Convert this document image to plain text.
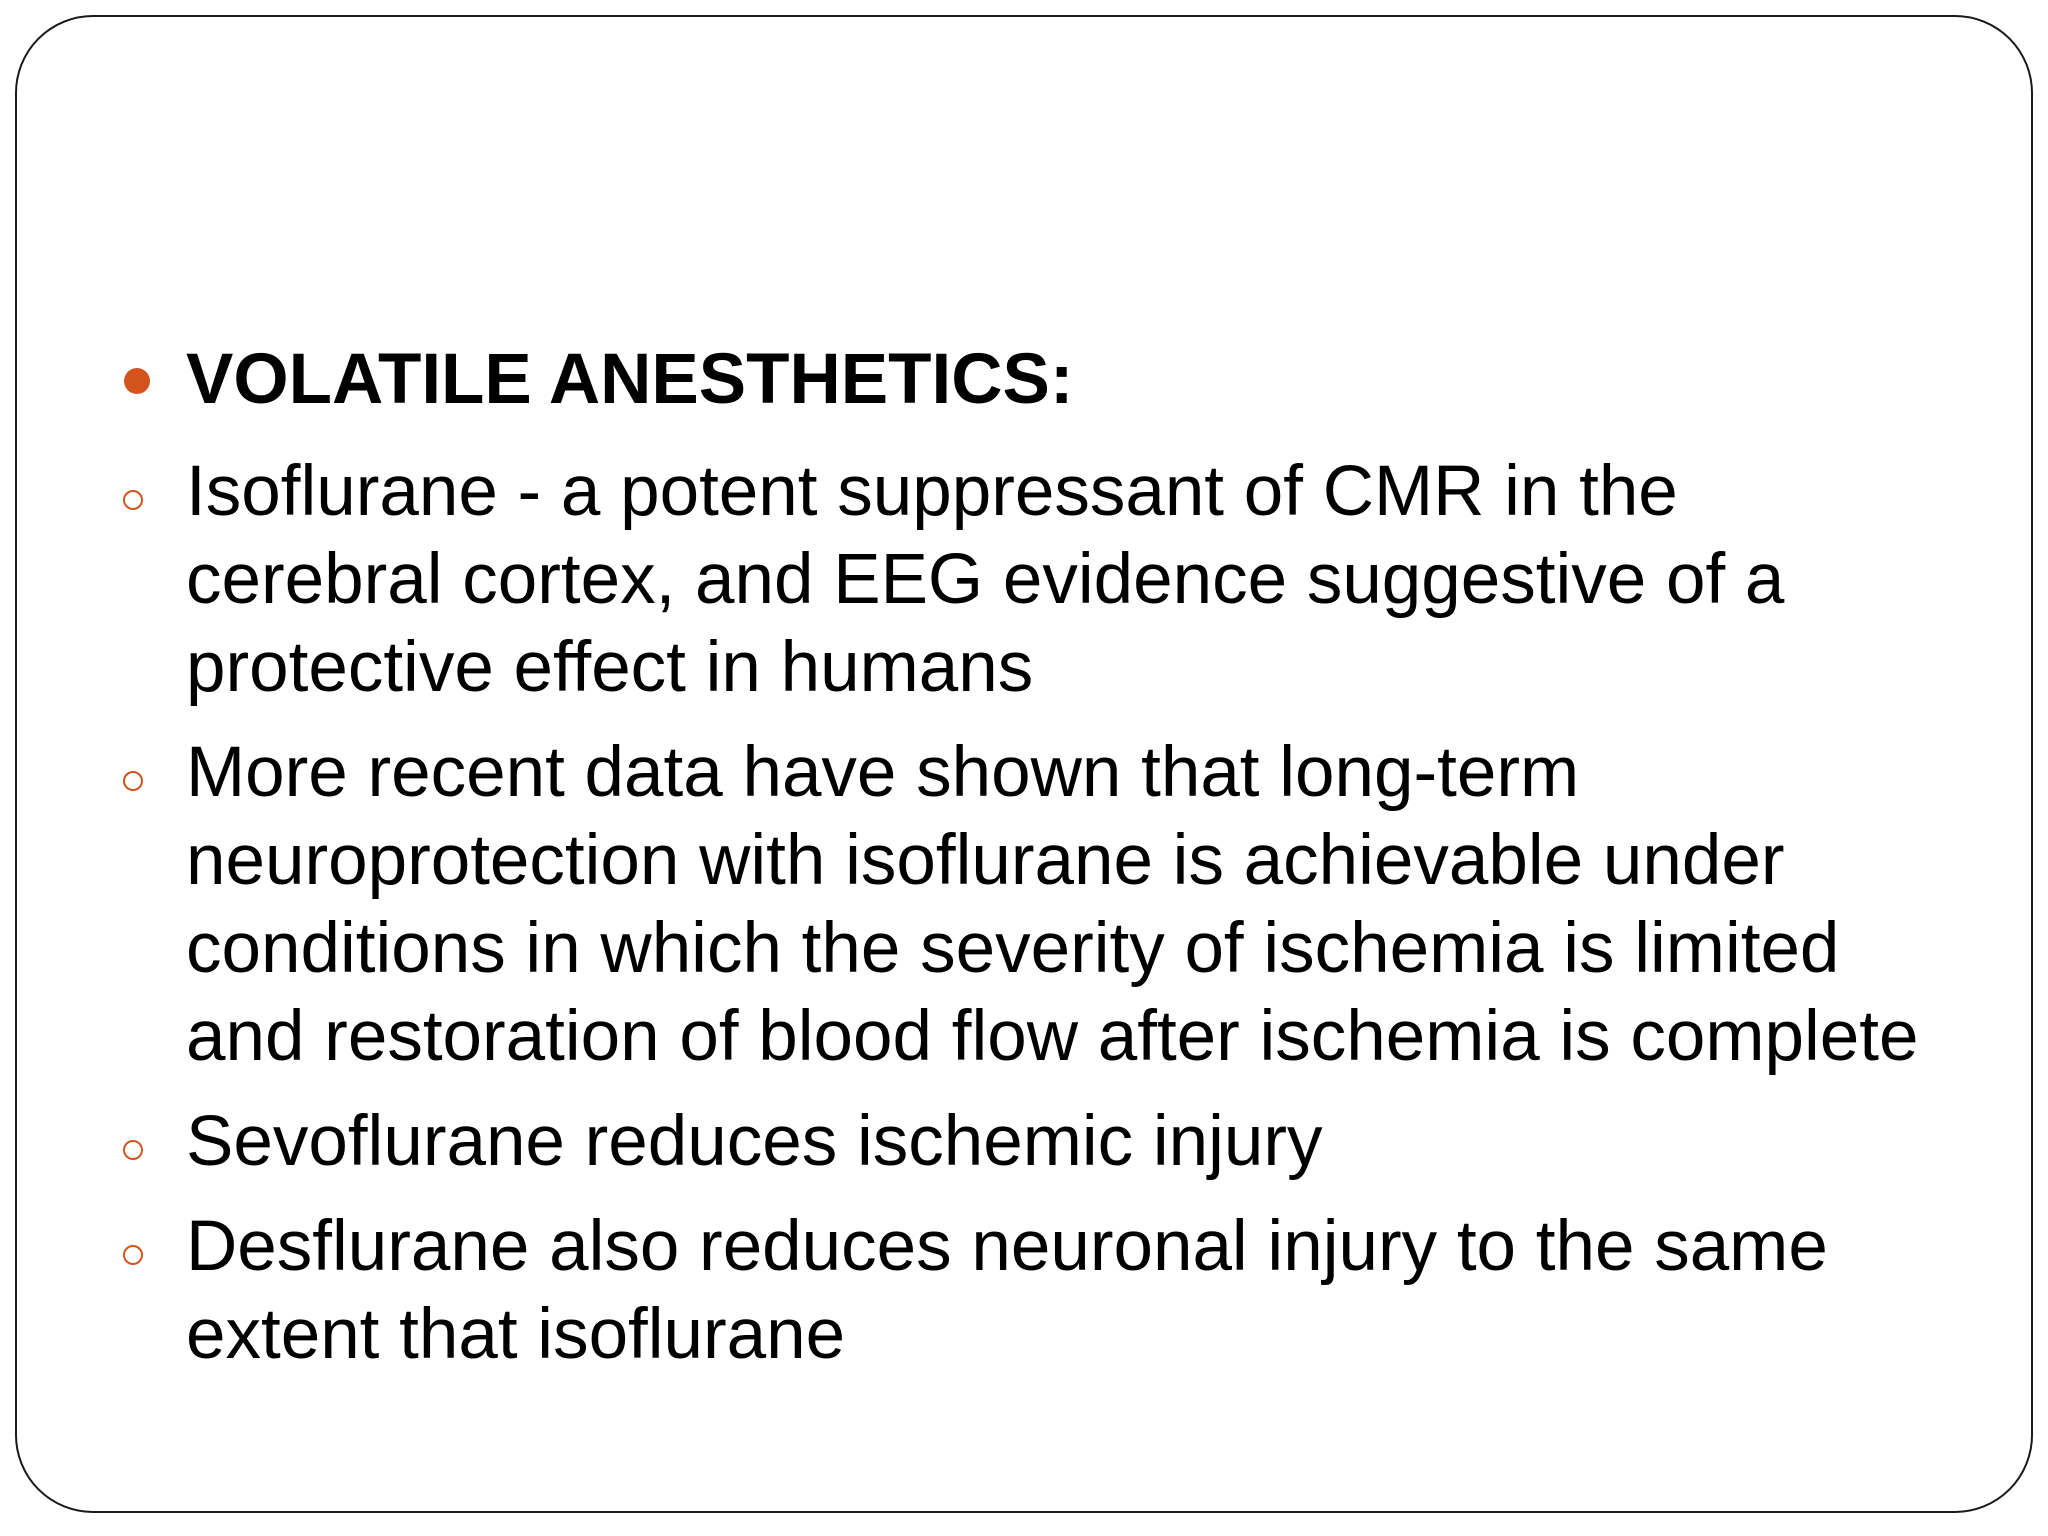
VOLATILE ANESTHETICS:
Isoflurane - a potent suppressant of CMR in the cerebral cortex, and EEG evidence suggestive of a protective effect in humans
More recent data have shown that long-term neuroprotection with isoflurane is achievable under conditions in which the severity of ischemia is limited and restoration of blood flow after ischemia is complete
Sevoflurane reduces ischemic injury
Desflurane also reduces neuronal injury to the same extent that isoflurane
